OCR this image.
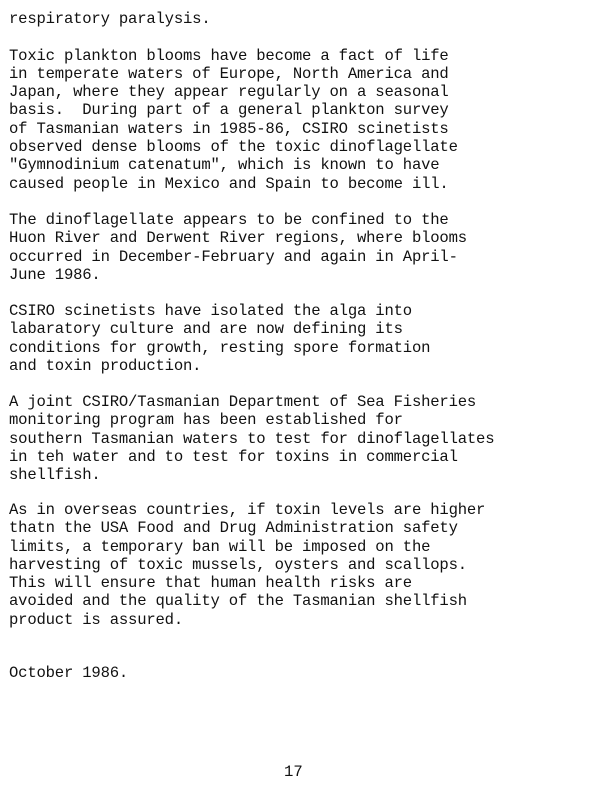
respiratory paralysis.
Toxic plankton blooms have become a fact of life
in temperate waters of Europe, North America and
Japan, where they appear regularly on a seasonal
basis.  During part of a general plankton survey
of Tasmanian waters in 1985-86, CSIRO scinetists
observed dense blooms of the toxic dinoflagellate
"Gymnodinium catenatum", which is known to have
caused people in Mexico and Spain to become ill.
The dinoflagellate appears to be confined to the
Huon River and Derwent River regions, where blooms
occurred in December-February and again in April-
June 1986.
CSIRO scinetists have isolated the alga into
labaratory culture and are now defining its
conditions for growth, resting spore formation
and toxin production.
A joint CSIRO/Tasmanian Department of Sea Fisheries
monitoring program has been established for
southern Tasmanian waters to test for dinoflagellates
in teh water and to test for toxins in commercial
shellfish.
As in overseas countries, if toxin levels are higher
thatn the USA Food and Drug Administration safety
limits, a temporary ban will be imposed on the
harvesting of toxic mussels, oysters and scallops.
This will ensure that human health risks are
avoided and the quality of the Tasmanian shellfish
product is assured.
October 1986.
17
